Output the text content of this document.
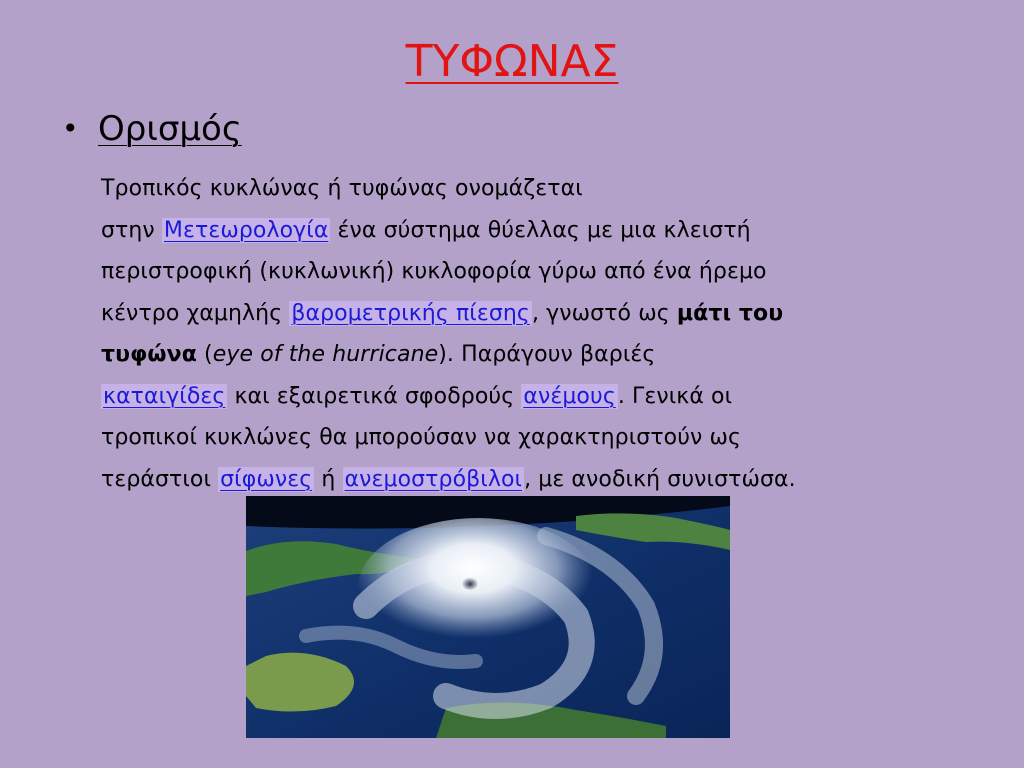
ΤΥΦΩΝΑΣ
• Ορισμός
Τροπικός κυκλώνας ή τυφώνας ονομάζεται
στην Μετεωρολογία ένα σύστημα θύελλας με μια κλειστή
περιστροφική (κυκλωνική) κυκλοφορία γύρω από ένα ήρεμο
κέντρο χαμηλής βαρομετρικής πίεσης, γνωστό ως μάτι του
τυφώνα (eye of the hurricane). Παράγουν βαριές
καταιγίδες και εξαιρετικά σφοδρούς ανέμους. Γενικά οι
τροπικοί κυκλώνες θα μπορούσαν να χαρακτηριστούν ως
τεράστιοι σίφωνες ή ανεμοστρόβιλοι, με ανοδική συνιστώσα.
